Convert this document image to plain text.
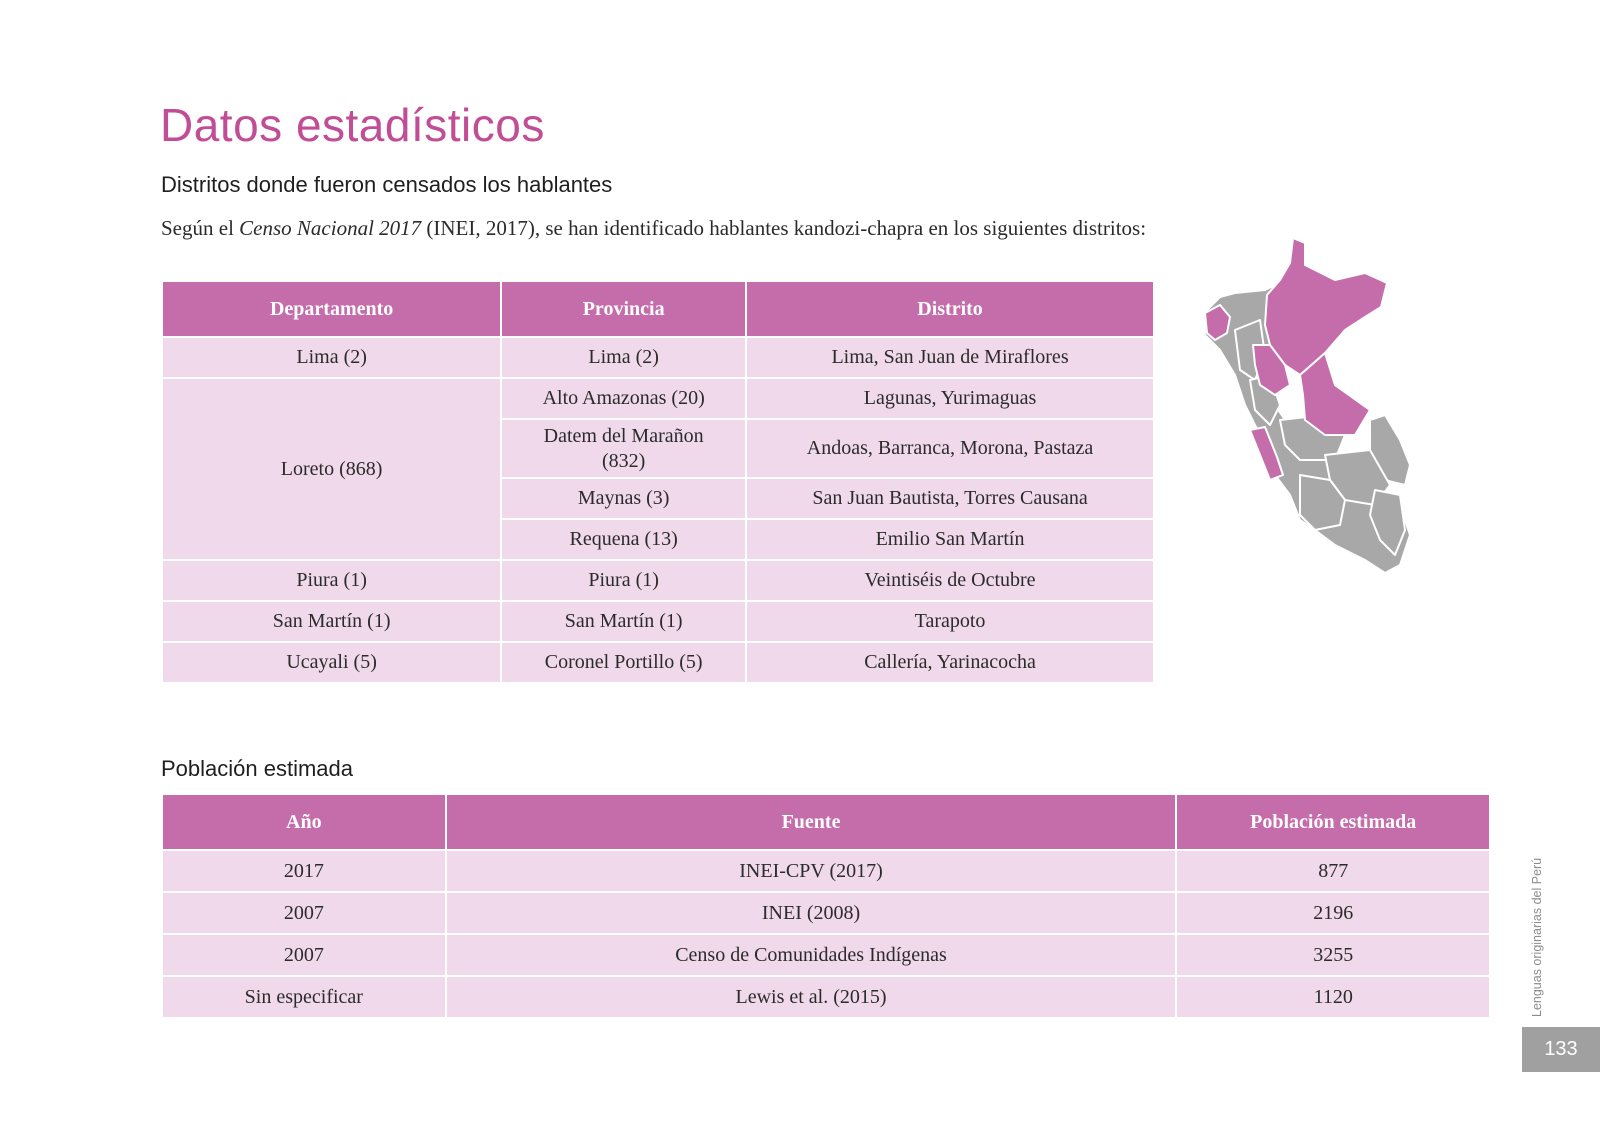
Datos estadísticos
Distritos donde fueron censados los hablantes

Según el Censo Nacional 2017 (INEI, 2017), se han identificado hablantes kandozi-chapra en los siguientes distritos:

Departamento	Provincia	Distrito
Lima (2)	Lima (2)	Lima, San Juan de Miraflores
Loreto (868)	Alto Amazonas (20)	Lagunas, Yurimaguas
	Datem del Marañon (832)	Andoas, Barranca, Morona, Pastaza
	Maynas (3)	San Juan Bautista, Torres Causana
	Requena (13)	Emilio San Martín
Piura (1)	Piura (1)	Veintiséis de Octubre
San Martín (1)	San Martín (1)	Tarapoto
Ucayali (5)	Coronel Portillo (5)	Callería, Yarinacocha
Población estimada
Año	Fuente	Población estimada
2017	INEI-CPV (2017)	877
2007	INEI (2008)	2196
2007	Censo de Comunidades Indígenas	3255
Sin especificar	Lewis et al. (2015)	1120	Lenguas originarias del Perú
133
